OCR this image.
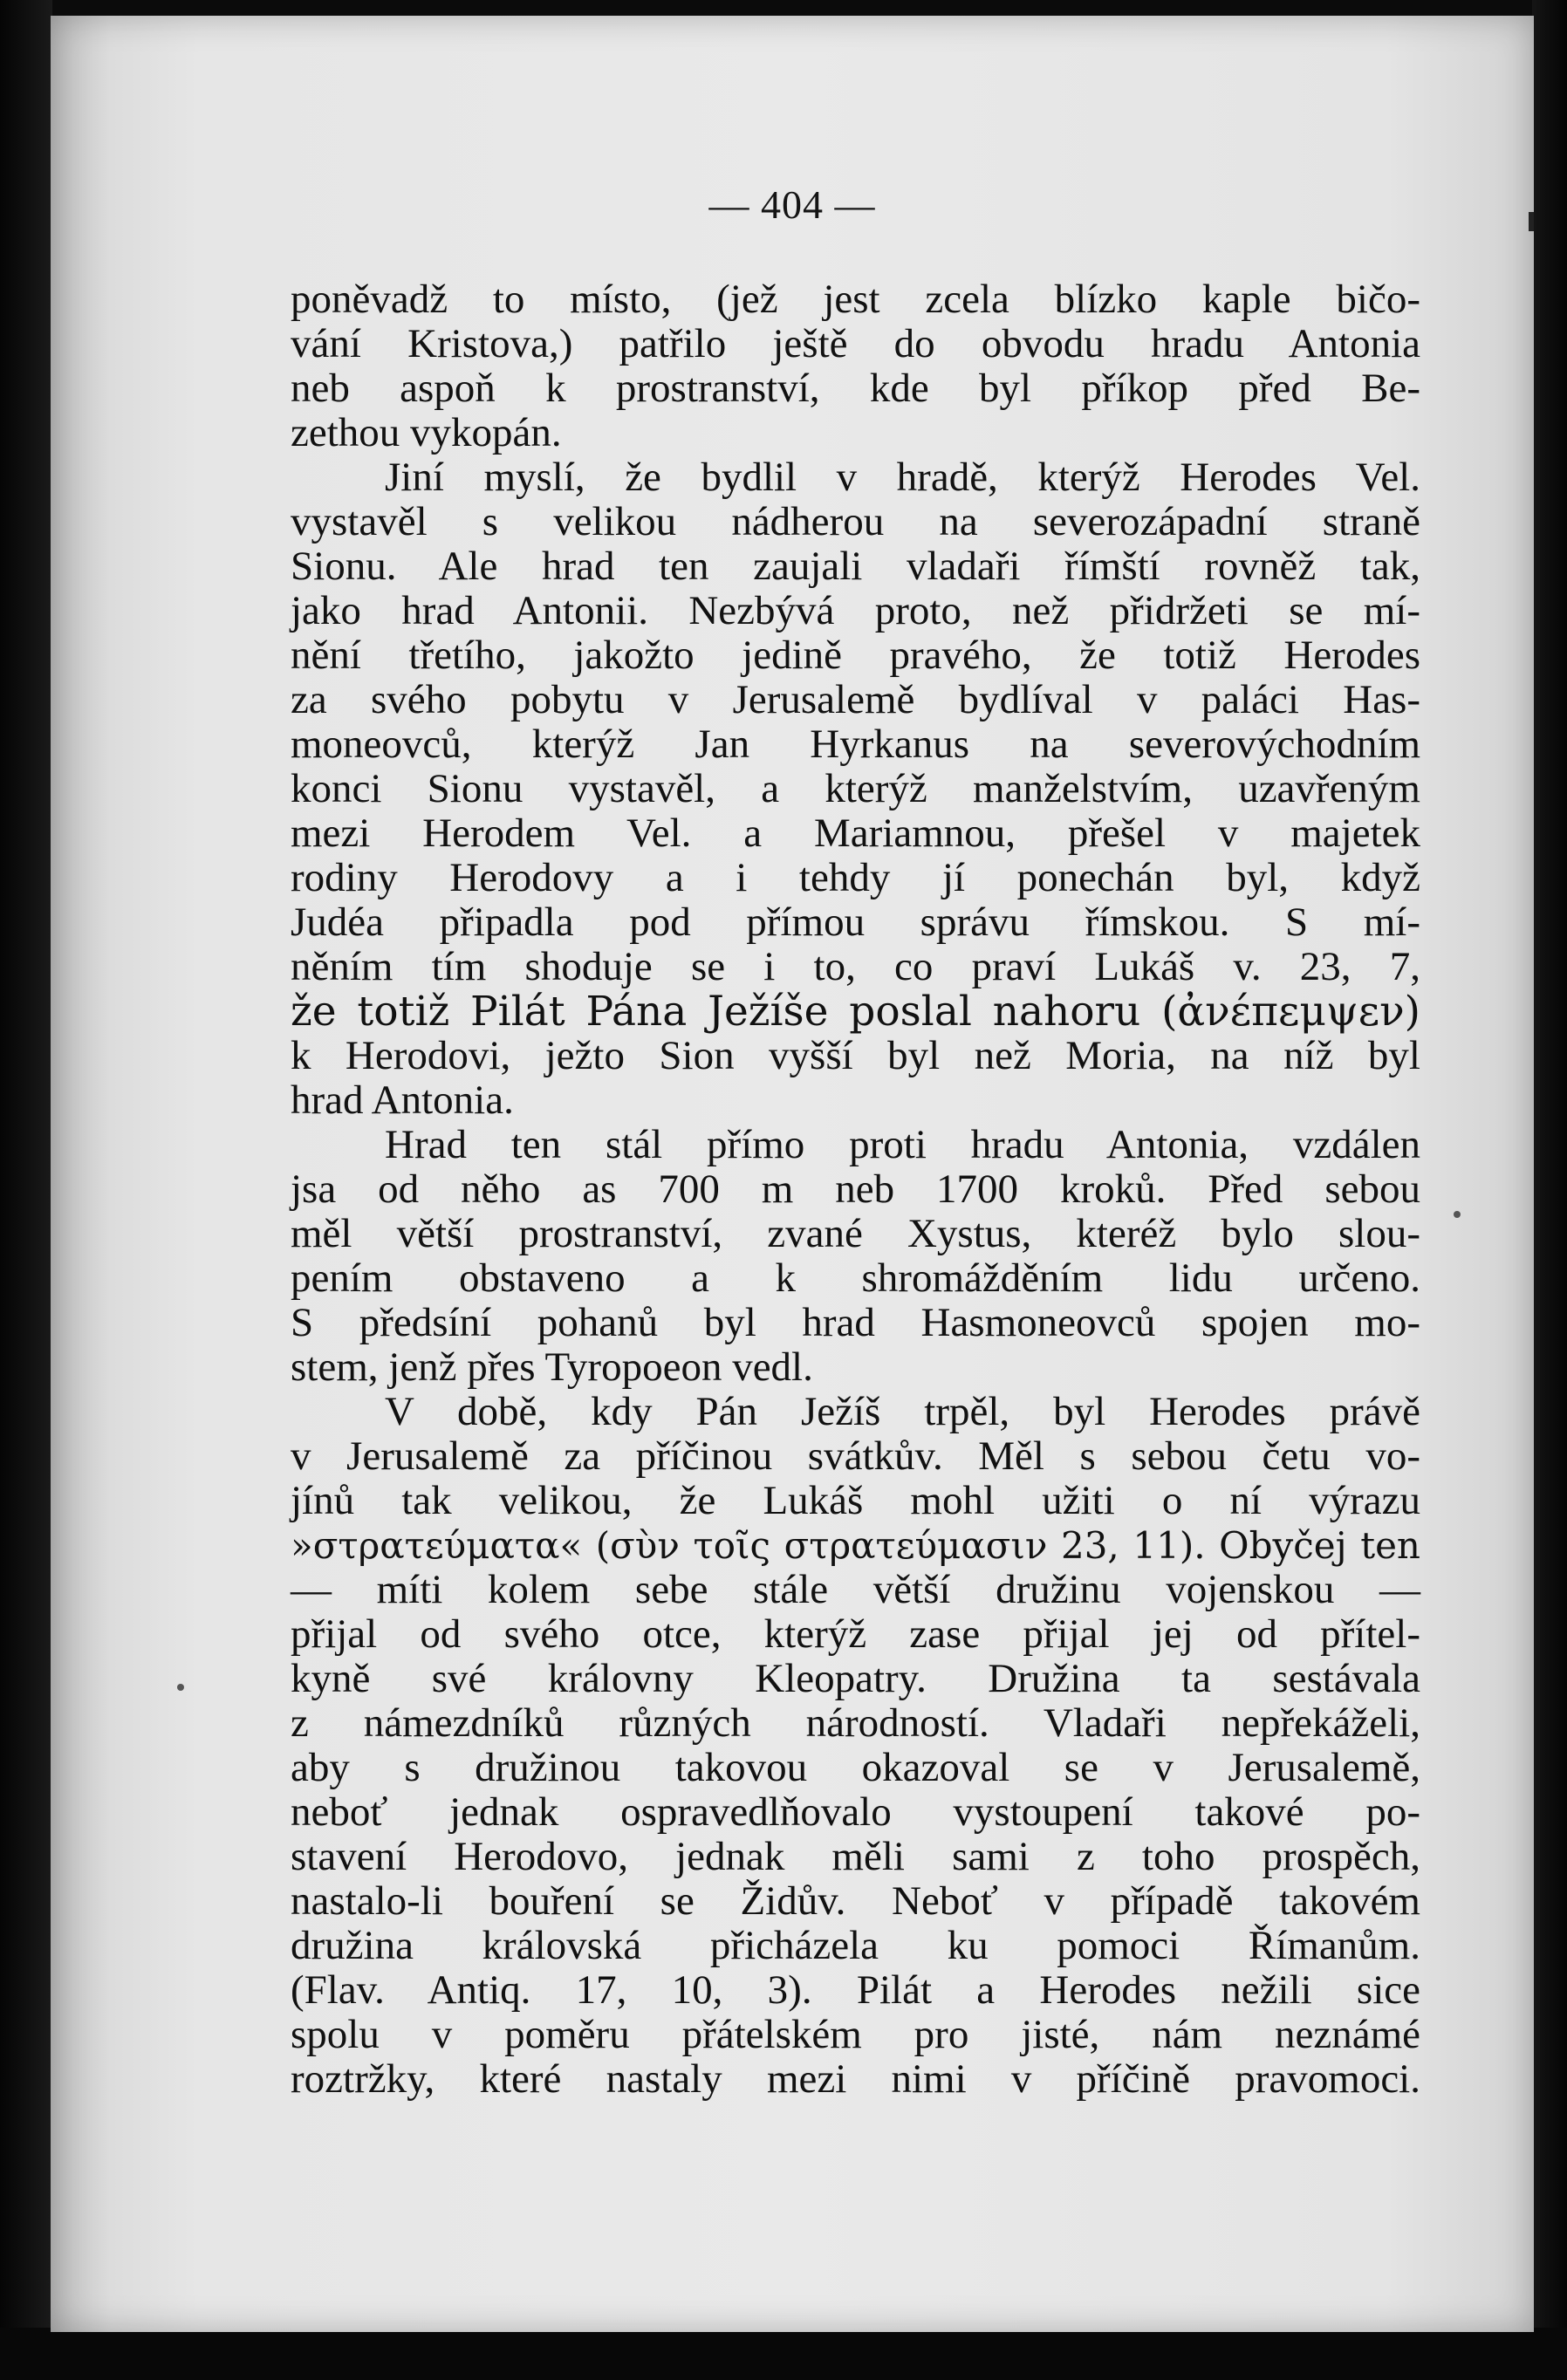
— 404 —
poněvadž to místo, (jež jest zcela blízko kaple bičo-
vání Kristova,) patřilo ještě do obvodu hradu Antonia
neb aspoň k prostranství, kde byl příkop před Be-
zethou vykopán.
Jiní myslí, že bydlil v hradě, kterýž Herodes Vel.
vystavěl s velikou nádherou na severozápadní straně
Sionu. Ale hrad ten zaujali vladaři římští rovněž tak,
jako hrad Antonii. Nezbývá proto, než přidržeti se mí-
nění třetího, jakožto jedině pravého, že totiž Herodes
za svého pobytu v Jerusalemě bydlíval v paláci Has-
moneovců, kterýž Jan Hyrkanus na severovýchodním
konci Sionu vystavěl, a kterýž manželstvím, uzavřeným
mezi Herodem Vel. a Mariamnou, přešel v majetek
rodiny Herodovy a i tehdy jí ponechán byl, když
Judéa připadla pod přímou správu římskou. S mí-
něním tím shoduje se i to, co praví Lukáš v. 23, 7,
že totiž Pilát Pána Ježíše poslal nahoru (ἀνέπεμψεν)
k Herodovi, ježto Sion vyšší byl než Moria, na níž byl
hrad Antonia.
Hrad ten stál přímo proti hradu Antonia, vzdálen
jsa od něho as 700 m neb 1700 kroků. Před sebou
měl větší prostranství, zvané Xystus, kteréž bylo slou-
pením obstaveno a k shromážděním lidu určeno.
S předsíní pohanů byl hrad Hasmoneovců spojen mo-
stem, jenž přes Tyropoeon vedl.
V době, kdy Pán Ježíš trpěl, byl Herodes právě
v Jerusalemě za příčinou svátkův. Měl s sebou četu vo-
jínů tak velikou, že Lukáš mohl užiti o ní výrazu
»στρατεύματα« (σὺν τοῖς στρατεύμασιν 23, 11). Obyčej ten
— míti kolem sebe stále větší družinu vojenskou —
přijal od svého otce, kterýž zase přijal jej od přítel-
kyně své královny Kleopatry. Družina ta sestávala
z námezdníků různých národností. Vladaři nepřekáželi,
aby s družinou takovou okazoval se v Jerusalemě,
neboť jednak ospravedlňovalo vystoupení takové po-
stavení Herodovo, jednak měli sami z toho prospěch,
nastalo-li bouření se Židův. Neboť v případě takovém
družina královská přicházela ku pomoci Římanům.
(Flav. Antiq. 17, 10, 3). Pilát a Herodes nežili sice
spolu v poměru přátelském pro jisté, nám neznámé
roztržky, které nastaly mezi nimi v příčině pravomoci.
